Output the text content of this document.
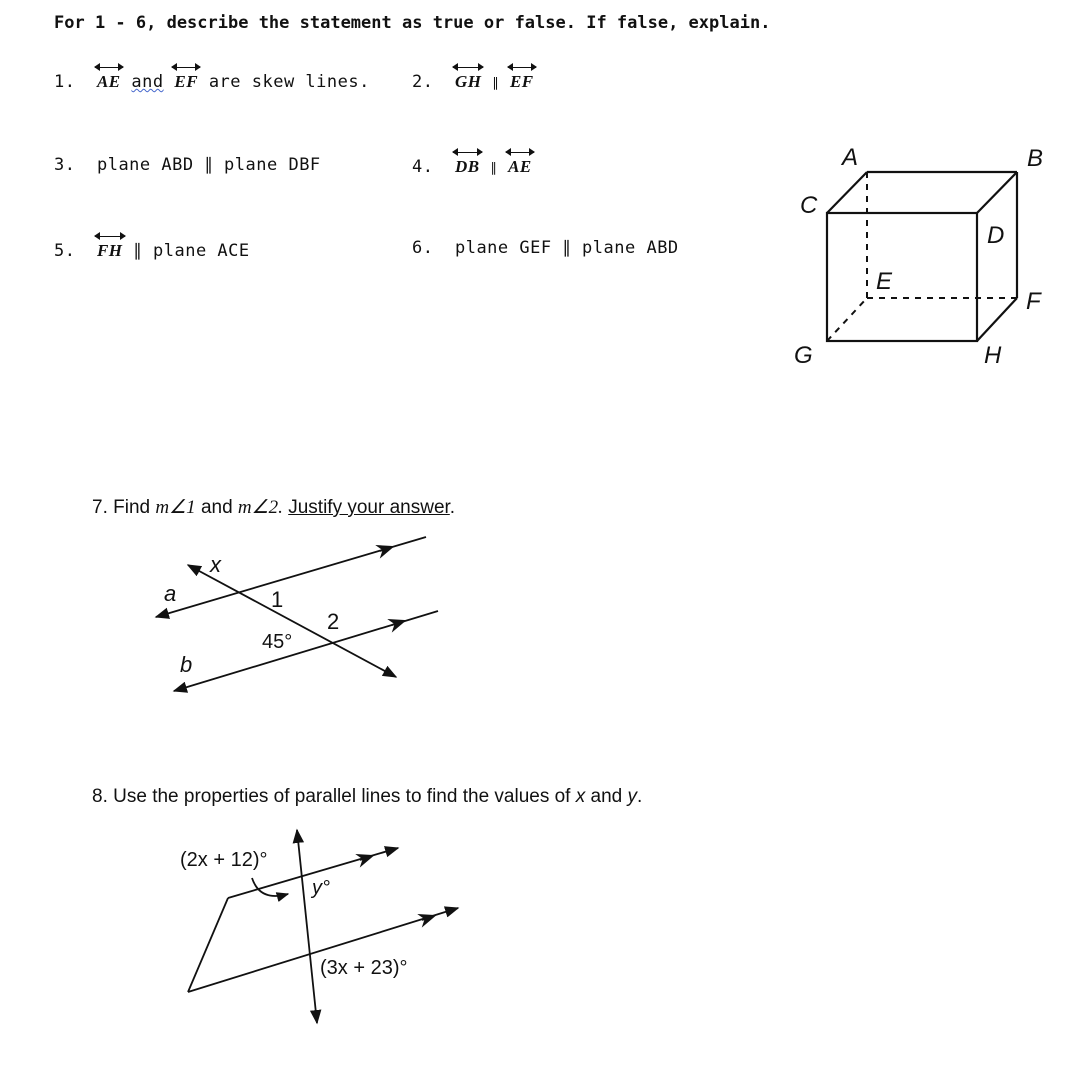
For 1 - 6, describe the statement as true or false. If false, explain.
1. AE and EF are skew lines. 2. GH ∥ EF
3. plane ABD ∥ plane DBF	4. DB ∥ AE
5. FH ∥ plane ACE	6. plane GEF ∥ plane ABD
A	B
C
D
E
F
G	H
7. Find m∠1 and m∠2. Justify your answer.
x
a
b
1
2
45°
8. Use the properties of parallel lines to find the values of x and y.
(2x + 12)°
y°
(3x + 23)°
